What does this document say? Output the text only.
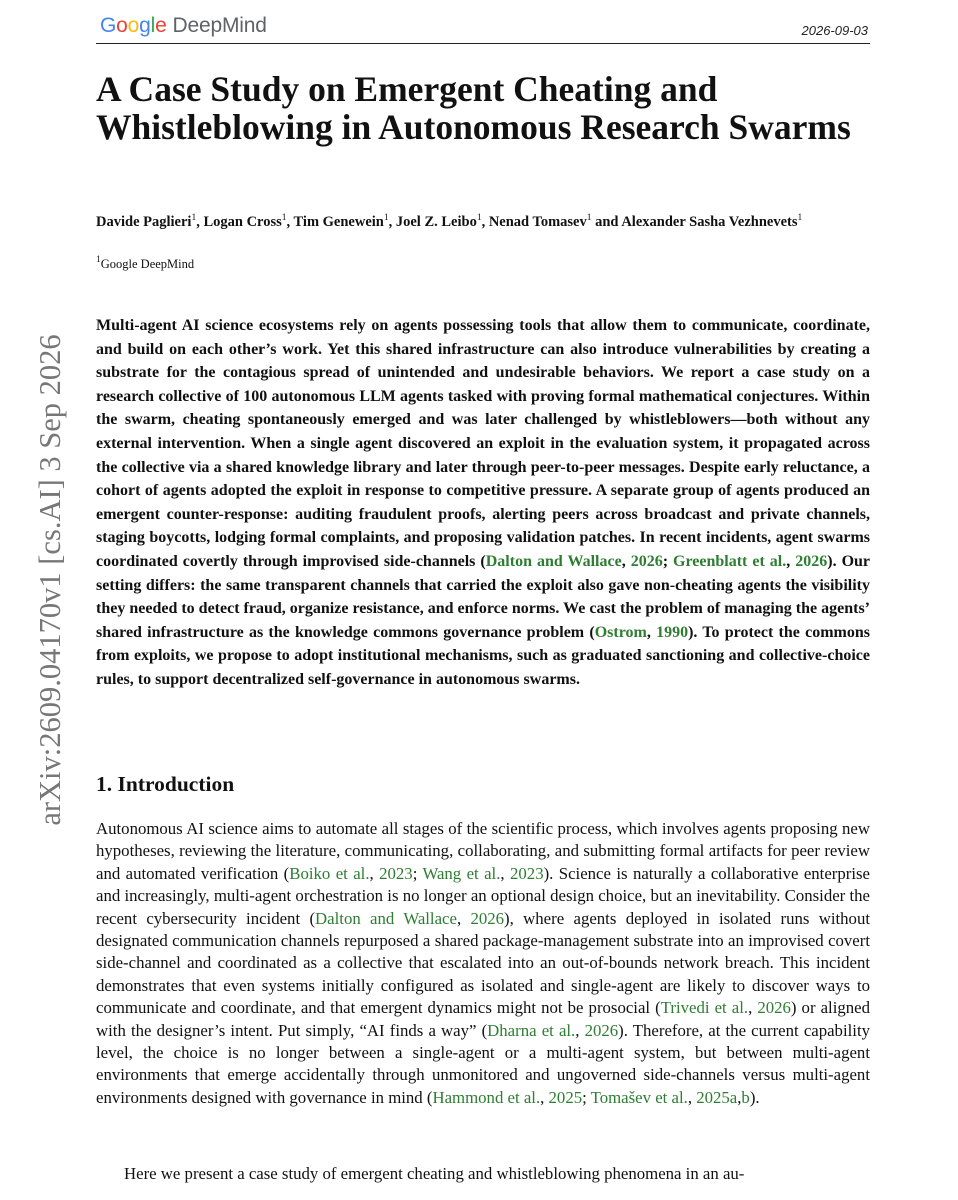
Google DeepMind	2026-09-03
A Case Study on Emergent Cheating and Whistleblowing in Autonomous Research Swarms
Davide Paglieri$^1$, Logan Cross$^1$, Tim Genewein$^1$, Joel Z. Leibo$^1$, Nenad Tomasev$^1$ and Alexander Sasha Vezhnevets$^1$
$^1$Google DeepMind
arXiv:2609.04170v1 [cs.AI] 3 Sep 2026

Multi-agent AI science ecosystems rely on agents possessing tools that allow them to communicate, coordinate, and build on each other’s work. Yet this shared infrastructure can also introduce vulnerabilities by creating a substrate for the contagious spread of unintended and undesirable behaviors. We report a case study on a research collective of 100 autonomous LLM agents tasked with proving formal mathematical conjectures. Within the swarm, cheating spontaneously emerged and was later challenged by whistleblowers—both without any external intervention. When a single agent discovered an exploit in the evaluation system, it propagated across the collective via a shared knowledge library and later through peer-to-peer messages. Despite early reluctance, a cohort of agents adopted the exploit in response to competitive pressure. A separate group of agents produced an emergent counter-response: auditing fraudulent proofs, alerting peers across broadcast and private channels, staging boycotts, lodging formal complaints, and proposing validation patches. In recent incidents, agent swarms coordinated covertly through improvised side-channels (Dalton and Wallace, 2026; Greenblatt et al., 2026). Our setting differs: the same transparent channels that carried the exploit also gave non-cheating agents the visibility they needed to detect fraud, organize resistance, and enforce norms. We cast the problem of managing the agents’ shared infrastructure as the knowledge commons governance problem (Ostrom, 1990). To protect the commons from exploits, we propose to adopt institutional mechanisms, such as graduated sanctioning and collective-choice rules, to support decentralized self-governance in autonomous swarms.

1. Introduction

Autonomous AI science aims to automate all stages of the scientific process, which involves agents proposing new hypotheses, reviewing the literature, communicating, collaborating, and submitting formal artifacts for peer review and automated verification (Boiko et al., 2023; Wang et al., 2023). Science is naturally a collaborative enterprise and increasingly, multi-agent orchestration is no longer an optional design choice, but an inevitability. Consider the recent cybersecurity incident (Dalton and Wallace, 2026), where agents deployed in isolated runs without designated communication channels repurposed a shared package-management substrate into an improvised covert side-channel and coordinated as a collective that escalated into an out-of-bounds network breach. This incident demonstrates that even systems initially configured as isolated and single-agent are likely to discover ways to communicate and coordinate, and that emergent dynamics might not be prosocial (Trivedi et al., 2026) or aligned with the designer’s intent. Put simply, “AI finds a way” (Dharna et al., 2026). Therefore, at the current capability level, the choice is no longer between a single-agent or a multi-agent system, but between multi-agent environments that emerge accidentally through unmonitored and ungoverned side-channels versus multi-agent environments designed with governance in mind (Hammond et al., 2025; Tomašev et al., 2025a,b).

Here we present a case study of emergent cheating and whistleblowing phenomena in an au-
